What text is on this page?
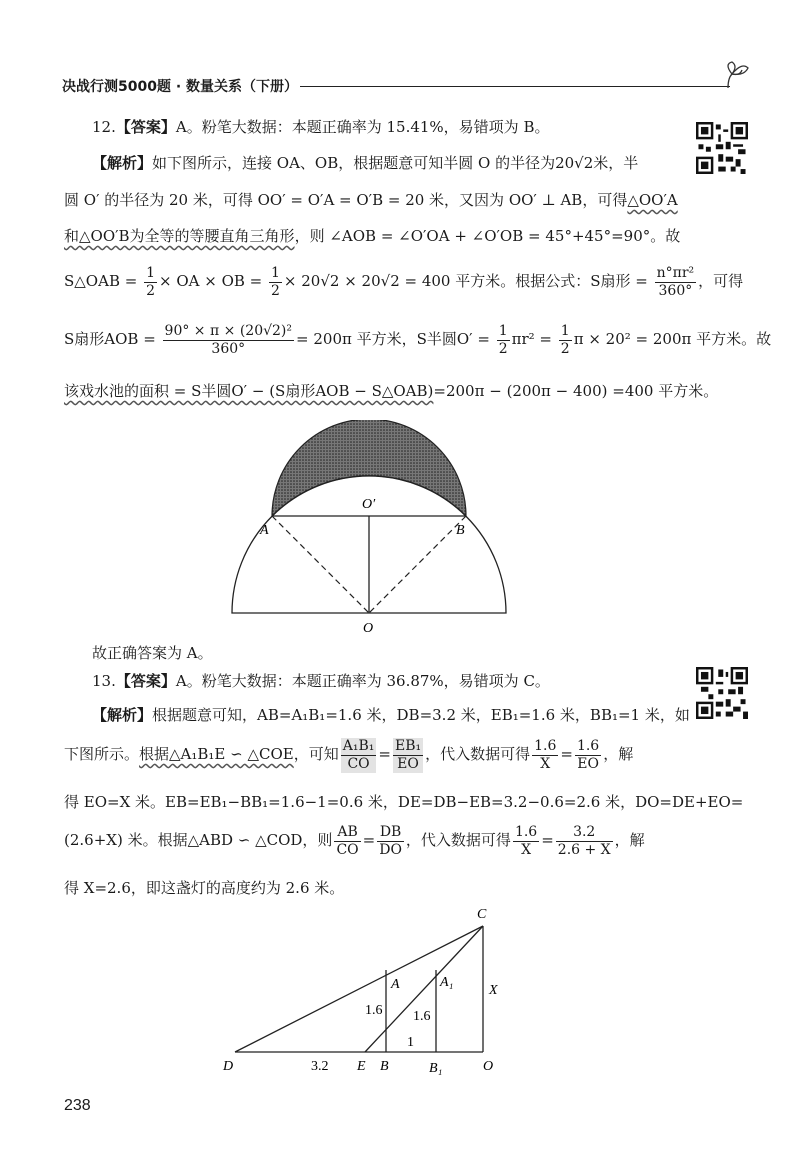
决战行测5000题 · 数量关系（下册）
12.【答案】A。粉笔大数据：本题正确率为 15.41%，易错项为 B。
【解析】如下图所示，连接 OA、OB，根据题意可知半圆 O 的半径为20√2米，半
圆 O′ 的半径为 20 米，可得 OO′ = O′A = O′B = 20 米，又因为 OO′ ⊥ AB，可得△OO′A
和△OO′B为全等的等腰直角三角形，则 ∠AOB = ∠O′OA + ∠O′OB = 45°+45°=90°。故
S△OAB = $\frac{1}{2}$ × OA × OB = $\frac{1}{2} \times 20√2 \times 20√2 = 400$ 平方米。根据公式：S扇形 = $\frac{\text{n°πr²}}{360^\circ}$ ，可得
S扇形AOB = $\frac{\text{90° × π × (20√2)²}}{360^\circ} = 200\pi$ 平方米，S半圆$O' = \frac{1}{2} \pi r^2 = \frac{1}{2}$ π × 20² = 200π 平方米。故
该戏水池的面积 = S半圆O′ − (S扇形AOB − S△OAB)=200π − (200π − 400) =400 平方米。
A	B
O′
O
故正确答案为 A。
13.【答案】A。粉笔大数据：本题正确率为 36.87%，易错项为 C。
【解析】根据题意可知，AB=A₁B₁=1.6 米，DB=3.2 米，EB₁=1.6 米，BB₁=1 米，如
下图所示。根据△A₁B₁E ∽ △COE，可知 $\frac{\text{A₁B₁}}{CO} = \frac{\text{EB₁}}{EO}$ ，代入数据可得 $\frac{1.6}{X} = \frac{1.6}{EO}$ ，解
得 EO=X 米。EB=EB₁−BB₁=1.6−1=0.6 米，DE=DB−EB=3.2−0.6=2.6 米，DO=DE+EO=
(2.6+X) 米。根据△ABD ∽ △COD，则 $\frac{AB}{CO} = \frac{DB}{DO}$ ，代入数据可得 $\frac{1.6}{X} = \frac{3.2}{2.6 + X}$ ，解
得 X=2.6，即这盏灯的高度约为 2.6 米。
C
A	A₁
X
1.6 1.6
1
D	3.2 E B	B₁	O
238
